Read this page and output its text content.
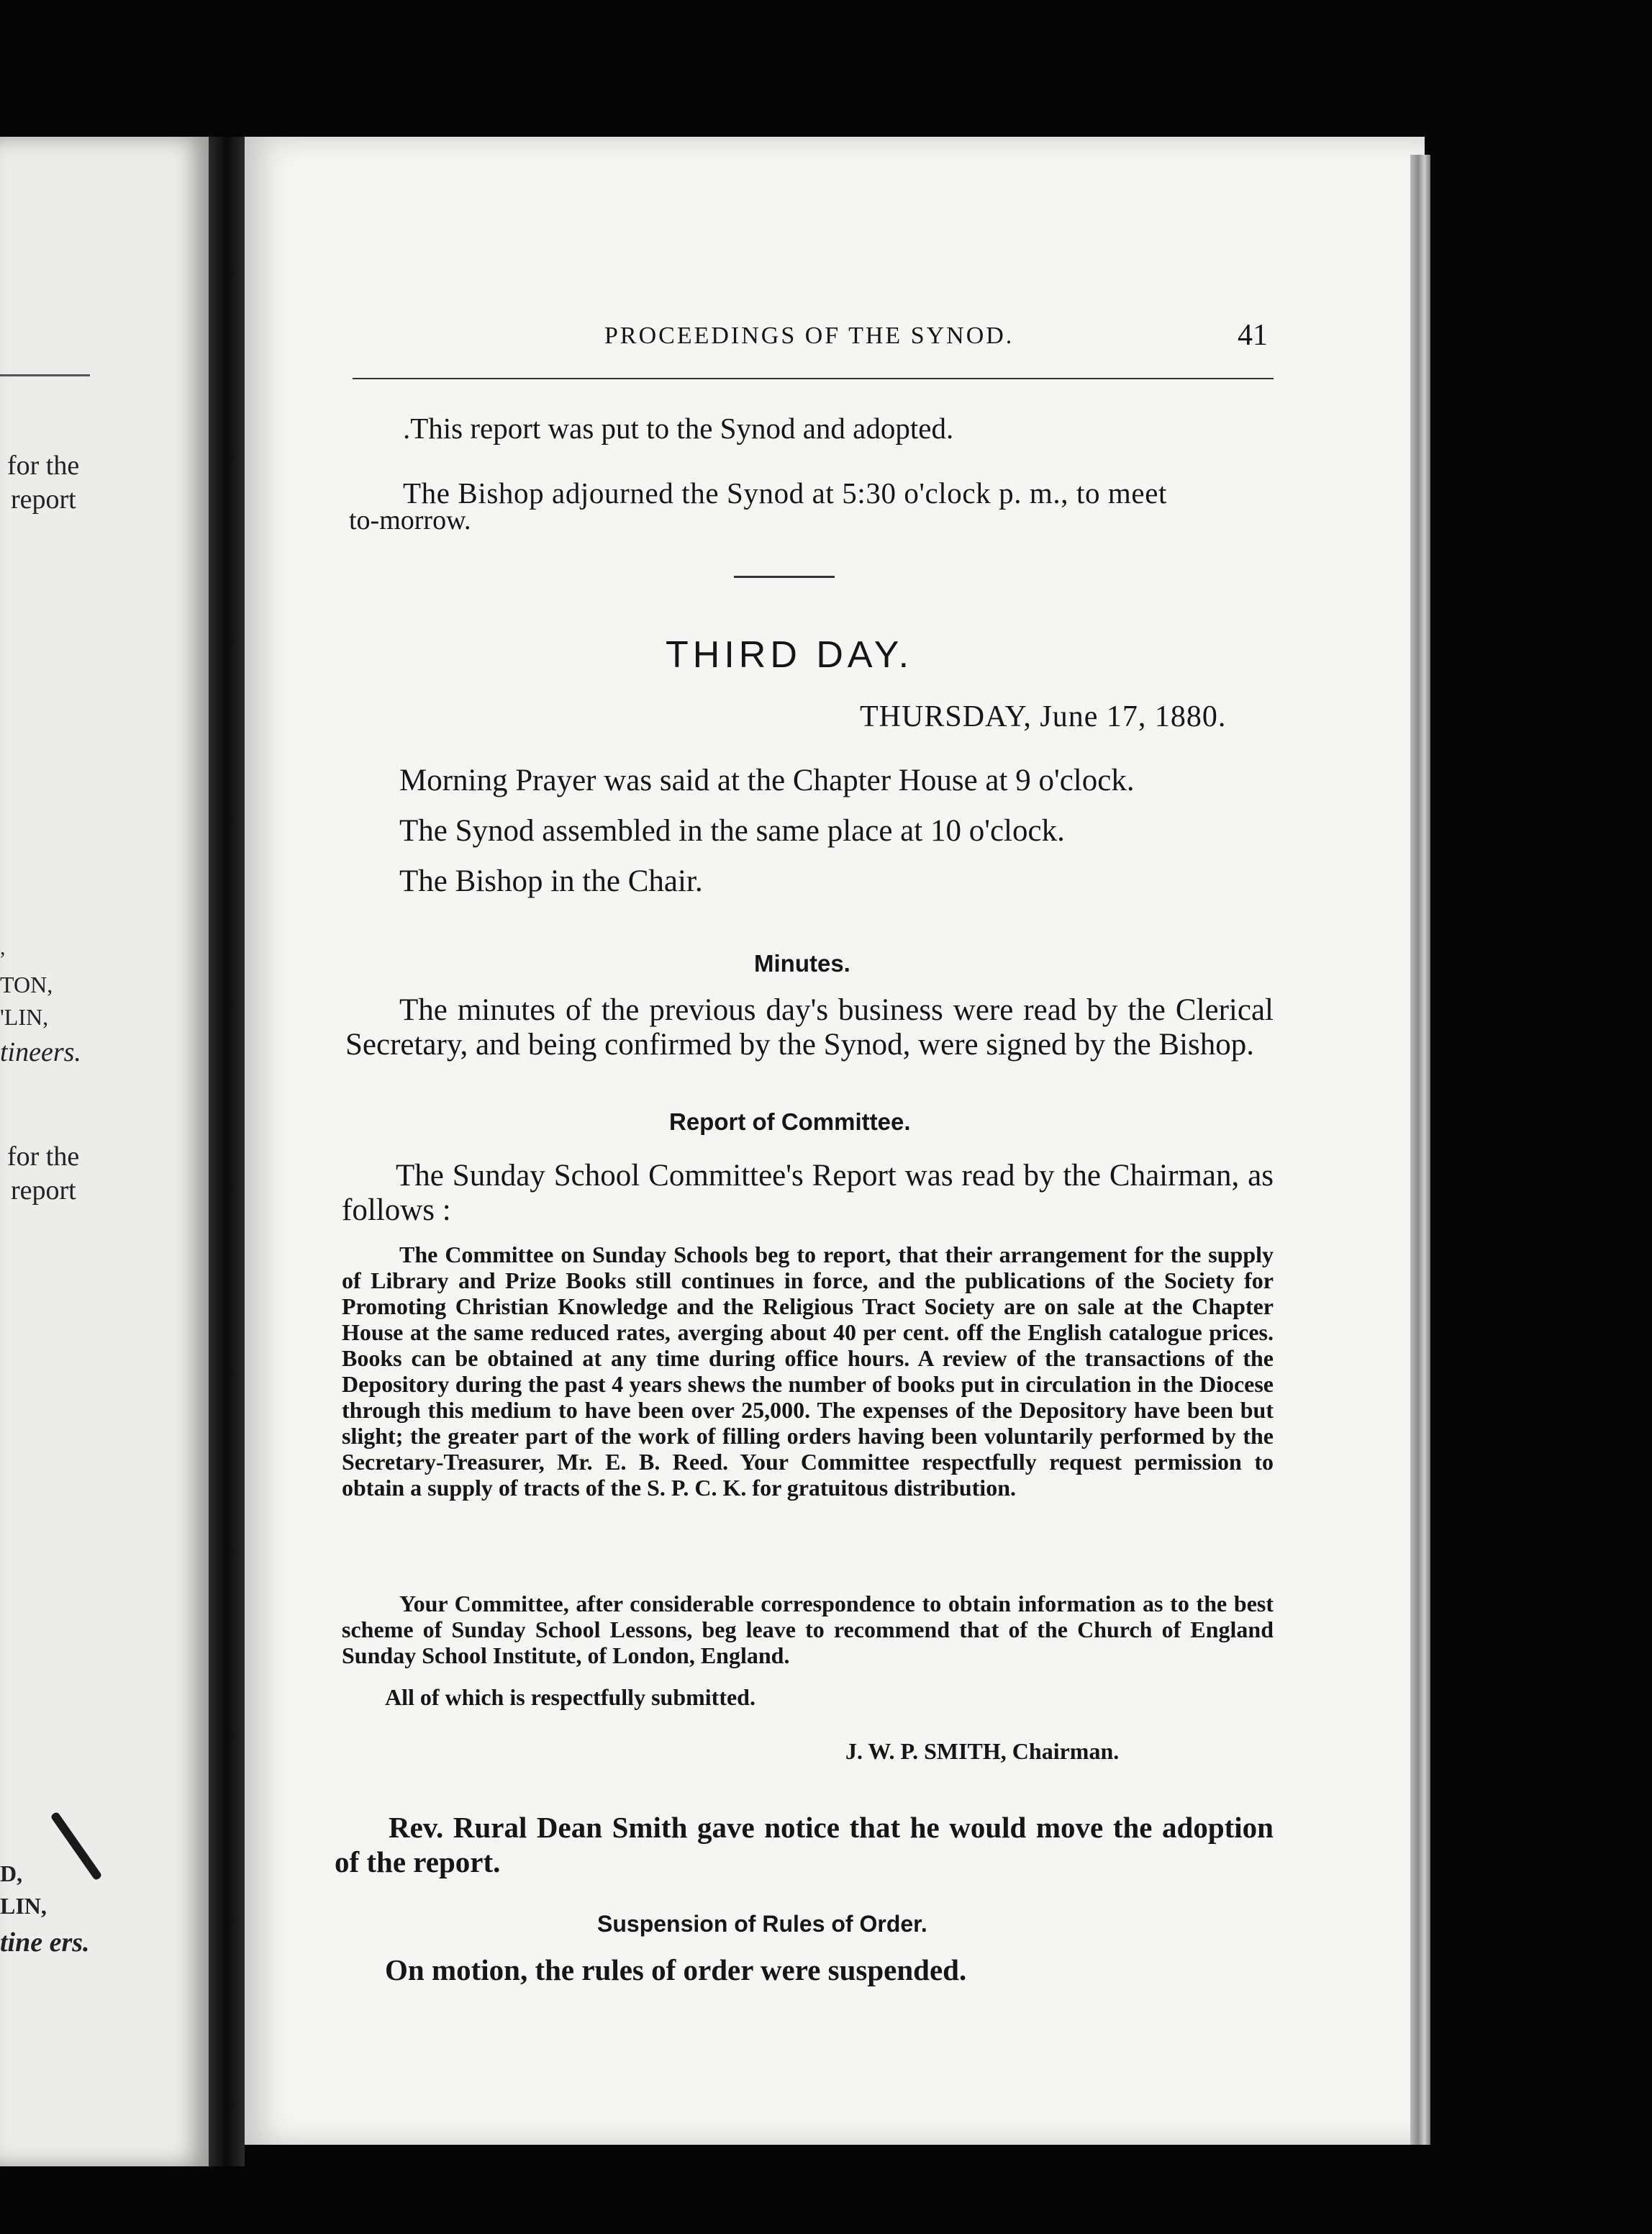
for the
report
,
TON,
'LIN,
tineers.
for the
report
D,
LIN,
tine ers.
PROCEEDINGS OF THE SYNOD.	41
.This report was put to the Synod and adopted.
The Bishop adjourned the Synod at 5:30 o'clock p. m., to meet
to-morrow.
THIRD DAY.
THURSDAY, June 17, 1880.
Morning Prayer was said at the Chapter House at 9 o'clock.
The Synod assembled in the same place at 10 o'clock.
The Bishop in the Chair.
Minutes.
The minutes of the previous day's business were read by the Clerical Secretary, and being confirmed by the Synod, were signed by the Bishop.
Report of Committee.
The Sunday School Committee's Report was read by the Chairman, as follows :
The Committee on Sunday Schools beg to report, that their arrangement for the supply of Library and Prize Books still continues in force, and the publications of the Society for Promoting Christian Knowledge and the Religious Tract Society are on sale at the Chapter House at the same reduced rates, averging about 40 per cent. off the English catalogue prices. Books can be obtained at any time during office hours. A review of the transactions of the Depository during the past 4 years shews the number of books put in circulation in the Diocese through this medium to have been over 25,000. The expenses of the Depository have been but slight; the greater part of the work of filling orders having been voluntarily performed by the Secretary-Treasurer, Mr. E. B. Reed. Your Committee respectfully request permission to obtain a supply of tracts of the S. P. C. K. for gratuitous distribution.
Your Committee, after considerable correspondence to obtain information as to the best scheme of Sunday School Lessons, beg leave to recommend that of the Church of England Sunday School Institute, of London, England.
All of which is respectfully submitted.
J. W. P. SMITH, Chairman.
Rev. Rural Dean Smith gave notice that he would move the adoption of the report.
Suspension of Rules of Order.
On motion, the rules of order were suspended.
